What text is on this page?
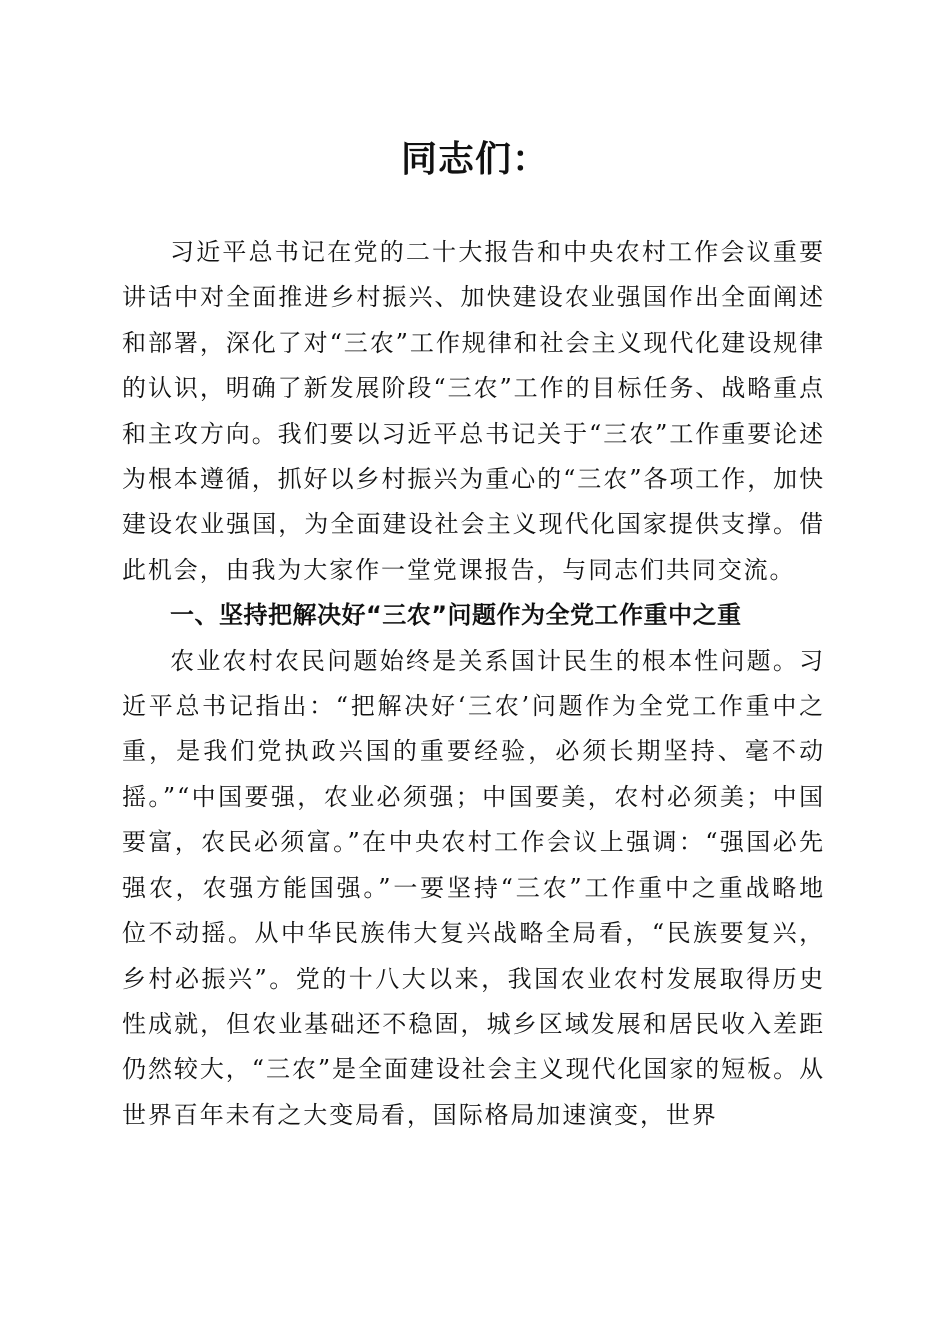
同志们：

习近平总书记在党的二十大报告和中央农村工作会议重要讲话中对全面推进乡村振兴、加快建设农业强国作出全面阐述和部署，深化了对“三农”工作规律和社会主义现代化建设规律的认识，明确了新发展阶段“三农”工作的目标任务、战略重点和主攻方向。我们要以习近平总书记关于“三农”工作重要论述为根本遵循，抓好以乡村振兴为重心的“三农”各项工作，加快建设农业强国，为全面建设社会主义现代化国家提供支撑。借此机会，由我为大家作一堂党课报告，与同志们共同交流。

一、坚持把解决好“三农”问题作为全党工作重中之重

农业农村农民问题始终是关系国计民生的根本性问题。习近平总书记指出：“把解决好‘三农’问题作为全党工作重中之重，是我们党执政兴国的重要经验，必须长期坚持、毫不动摇。”“中国要强，农业必须强；中国要美，农村必须美；中国要富，农民必须富。”在中央农村工作会议上强调：“强国必先强农，农强方能国强。”一要坚持“三农”工作重中之重战略地位不动摇。从中华民族伟大复兴战略全局看，“民族要复兴，乡村必振兴”。党的十八大以来，我国农业农村发展取得历史性成就，但农业基础还不稳固，城乡区域发展和居民收入差距仍然较大，“三农”是全面建设社会主义现代化国家的短板。从世界百年未有之大变局看，国际格局加速演变，世界
